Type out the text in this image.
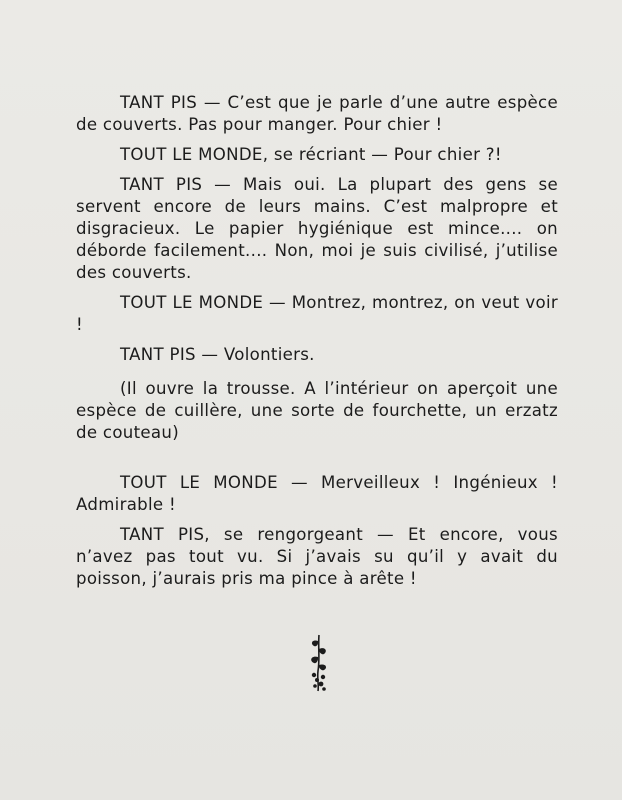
TANT PIS — C’est que je parle d’une autre espèce de couverts. Pas pour manger. Pour chier !

TOUT LE MONDE, se récriant — Pour chier ?!

TANT PIS — Mais oui. La plupart des gens se servent encore de leurs mains. C’est malpropre et disgracieux. Le papier hygiénique est mince.... on déborde facilement.... Non, moi je suis civilisé, j’utilise des couverts.

TOUT LE MONDE — Montrez, montrez, on veut voir !

TANT PIS — Volontiers.

(Il ouvre la trousse. A l’intérieur on aperçoit une espèce de cuillère, une sorte de fourchette, un erzatz de couteau)

TOUT LE MONDE — Merveilleux ! Ingénieux ! Admirable !

TANT PIS, se rengorgeant — Et encore, vous n’avez pas tout vu. Si j’avais su qu’il y avait du poisson, j’aurais pris ma pince à arête !
